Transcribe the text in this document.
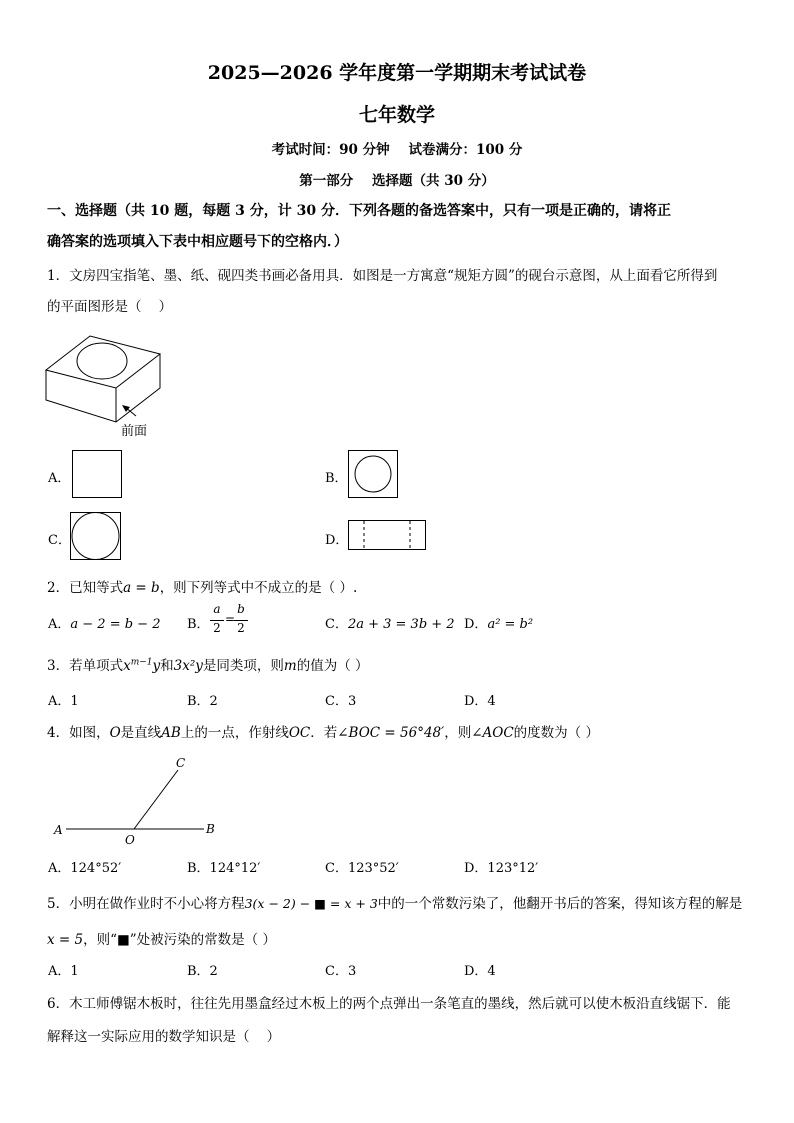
2025—2026 学年度第一学期期末考试试卷
七年数学
考试时间：90 分钟    试卷满分：100 分
第一部分    选择题（共 30 分）
一、选择题（共 10 题，每题 3 分，计 30 分．下列各题的备选答案中，只有一项是正确的，请将正
确答案的选项填入下表中相应题号下的空格内．）
1．文房四宝指笔、墨、纸、砚四类书画必备用具．如图是一方寓意“规矩方圆”的砚台示意图，从上面看它所得到
的平面图形是（    ）
前面
A．	B．
C．	D．
2．已知等式a = b，则下列等式中不成立的是（ ）.
A．a − 2 = b − 2 B．
a
2
=
b
2	C．2a + 3 = 3b + 2 D．a² = b²
3．若单项式$x^{m-1}y$和3x²y是同类项，则m的值为（ ）
A．1	B．2	C．3	D．4
4．如图，O是直线AB上的一点，作射线OC．若∠BOC = 56°48′，则∠AOC的度数为（ ）
A
O
B
C
A．124°52′	B．124°12′	C．123°52′	D．123°12′
5．小明在做作业时不小心将方程3(x − 2) − ■ = x + 3中的一个常数污染了，他翻开书后的答案，得知该方程的解是
x = 5，则“■”处被污染的常数是（ ）
A．1	B．2	C．3	D．4
6．木工师傅锯木板时，往往先用墨盒经过木板上的两个点弹出一条笔直的墨线，然后就可以使木板沿直线锯下．能
解释这一实际应用的数学知识是（    ）
